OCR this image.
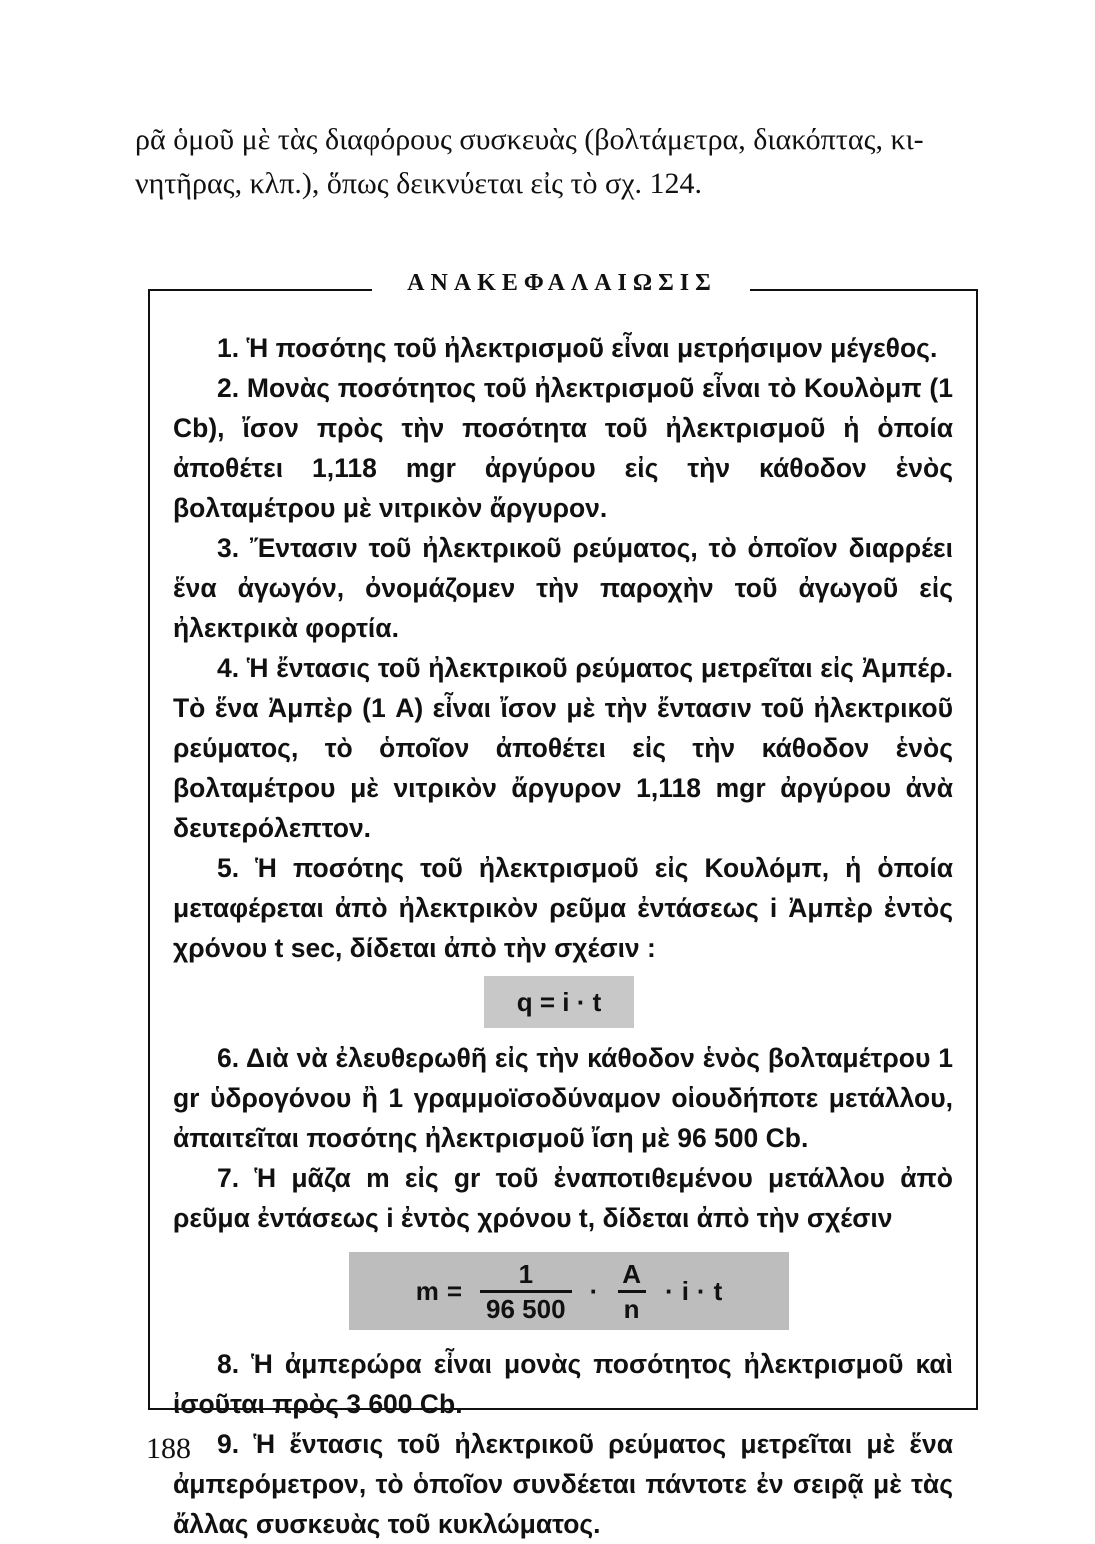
ρᾶ ὁμοῦ μὲ τὰς διαφόρους συσκευὰς (βολτάμετρα, διακόπτας, κι-
νητῆρας, κλπ.), ὅπως δεικνύεται εἰς τὸ σχ. 124.
ΑΝΑΚΕΦΑΛΑΙΩΣΙΣ

1. Ἡ ποσότης τοῦ ἠλεκτρισμοῦ εἶναι μετρήσιμον μέγεθος.

2. Μονὰς ποσότητος τοῦ ἠλεκτρισμοῦ εἶναι τὸ Κουλὸμπ (1 Cb), ἴσον πρὸς τὴν ποσότητα τοῦ ἠλεκτρισμοῦ ἡ ὁποία ἀποθέτει 1,118 mgr ἀργύρου εἰς τὴν κάθοδον ἑνὸς βολταμέτρου μὲ νιτρικὸν ἄργυρον.

3. Ἔντασιν τοῦ ἠλεκτρικοῦ ρεύματος, τὸ ὁποῖον διαρρέει ἕνα ἀγωγόν, ὀνομάζομεν τὴν παροχὴν τοῦ ἀγωγοῦ εἰς ἠλεκτρικὰ φορτία.

4. Ἡ ἔντασις τοῦ ἠλεκτρικοῦ ρεύματος μετρεῖται εἰς Ἀμπέρ. Τὸ ἕνα Ἀμπὲρ (1 A) εἶναι ἴσον μὲ τὴν ἔντασιν τοῦ ἠλεκτρικοῦ ρεύματος, τὸ ὁποῖον ἀποθέτει εἰς τὴν κάθοδον ἑνὸς βολταμέτρου μὲ νιτρικὸν ἄργυρον 1,118 mgr ἀργύρου ἀνὰ δευτερόλεπτον.

5. Ἡ ποσότης τοῦ ἠλεκτρισμοῦ εἰς Κουλόμπ, ἡ ὁποία μεταφέρεται ἀπὸ ἠλεκτρικὸν ρεῦμα ἐντάσεως i Ἀμπὲρ ἐντὸς χρόνου t sec, δίδεται ἀπὸ τὴν σχέσιν :

q = i · t

6. Διὰ νὰ ἐλευθερωθῆ εἰς τὴν κάθοδον ἑνὸς βολταμέτρου 1 gr ὑδρογόνου ἢ 1 γραμμοϊσοδύναμον οἱουδήποτε μετάλλου, ἀπαιτεῖται ποσότης ἠλεκτρισμοῦ ἴση μὲ 96 500 Cb.

7. Ἡ μᾶζα m εἰς gr τοῦ ἐναποτιθεμένου μετάλλου ἀπὸ ρεῦμα ἐντάσεως i ἐντὸς χρόνου t, δίδεται ἀπὸ τὴν σχέσιν

$m = \frac{1}{96 500} \cdot \frac{A}{n} \cdot i \cdot t$

8. Ἡ ἀμπερώρα εἶναι μονὰς ποσότητος ἠλεκτρισμοῦ καὶ ἰσοῦται πρὸς 3 600 Cb.

9. Ἡ ἔντασις τοῦ ἠλεκτρικοῦ ρεύματος μετρεῖται μὲ ἕνα ἀμπερόμετρον, τὸ ὁποῖον συνδέεται πάντοτε ἐν σειρᾷ μὲ τὰς ἄλλας συσκευὰς τοῦ κυκλώματος.

188
